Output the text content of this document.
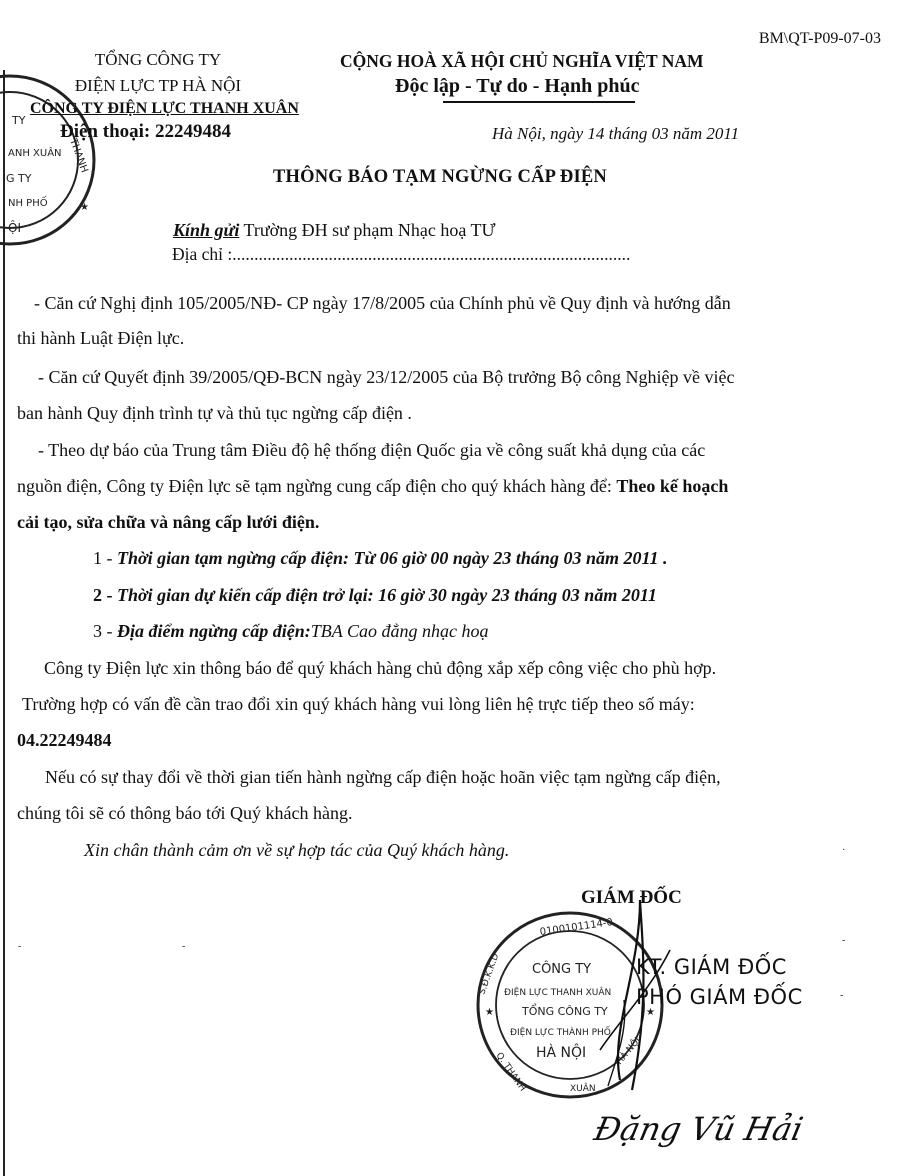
TY
ANH XUÂN
G TY
NH PHỐ
ỘI
THANH
★
BM\QT-P09-07-03
TỔNG CÔNG TY
ĐIỆN LỰC TP HÀ NỘI
CÔNG TY ĐIỆN LỰC THANH XUÂN
Điện thoại: 22249484
CỘNG HOÀ XÃ HỘI CHỦ NGHĨA VIỆT NAM
Độc lập - Tự do - Hạnh phúc
Hà Nội, ngày 14 tháng 03 năm 2011
THÔNG BÁO TẠM NGỪNG CẤP ĐIỆN
Kính gửi Trường ĐH sư phạm Nhạc hoạ TƯ
Địa chỉ :...........................................................................................
- Căn cứ Nghị định 105/2005/NĐ- CP ngày 17/8/2005 của Chính phủ về Quy định và hướng dẫn
thi hành Luật Điện lực.
- Căn cứ Quyết định 39/2005/QĐ-BCN ngày 23/12/2005 của Bộ trưởng Bộ công Nghiệp về việc
ban hành Quy định trình tự và thủ tục ngừng cấp điện .
- Theo dự báo của Trung tâm Điều độ hệ thống điện Quốc gia về công suất khả dụng của các
nguồn điện, Công ty Điện lực sẽ tạm ngừng cung cấp điện cho quý khách hàng để: Theo kế hoạch
cải tạo, sửa chữa và nâng cấp lưới điện.
1 - Thời gian tạm ngừng cấp điện: Từ 06 giờ 00 ngày 23 tháng 03 năm 2011 .
2 - Thời gian dự kiến cấp điện trở lại: 16 giờ 30 ngày 23 tháng 03 năm 2011
3 - Địa điểm ngừng cấp điện:TBA Cao đẳng nhạc hoạ
Công ty Điện lực xin thông báo để quý khách hàng chủ động xắp xếp công việc cho phù hợp.
Trường hợp có vấn đề cần trao đổi xin quý khách hàng vui lòng liên hệ trực tiếp theo số máy:
04.22249484
Nếu có sự thay đổi về thời gian tiến hành ngừng cấp điện hoặc hoãn việc tạm ngừng cấp điện,
chúng tôi sẽ có thông báo tới Quý khách hàng.
Xin chân thành cảm ơn về sự hợp tác của Quý khách hàng.
GIÁM ĐỐC
0100101114-0
S.Đ.K.K.D
Q. THANH	XUÂN
HÀ NỘI
★	★
CÔNG TY
ĐIỆN LỰC THANH XUÂN
TỔNG CÔNG TY
ĐIỆN LỰC THÀNH PHỐ
HÀ NỘI
KT. GIÁM ĐỐC
PHÓ GIÁM ĐỐC
Đặng Vũ Hải
-	-
-
·
-
